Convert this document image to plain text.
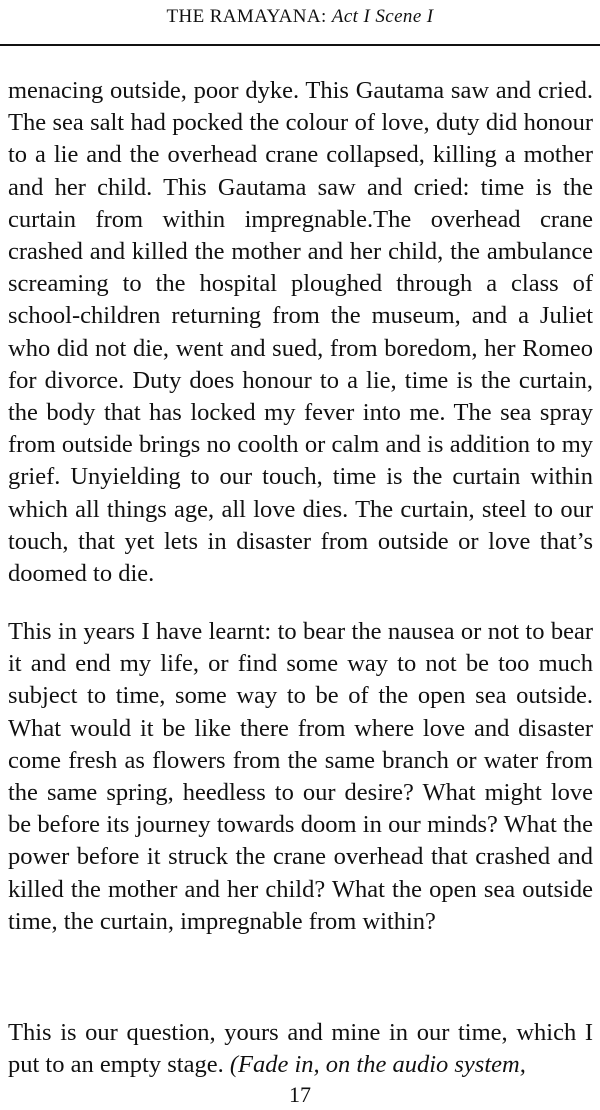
THE RAMAYANA: Act I Scene I

menacing outside, poor dyke. This Gautama saw and cried. The sea salt had pocked the colour of love, duty did honour to a lie and the overhead crane collapsed, killing a mother and her child. This Gautama saw and cried: time is the curtain from within impregnable.The overhead crane crashed and killed the mother and her child, the ambulance screaming to the hospital ploughed through a class of school-children returning from the museum, and a Juliet who did not die, went and sued, from boredom, her Romeo for divorce. Duty does honour to a lie, time is the curtain, the body that has locked my fever into me. The sea spray from outside brings no coolth or calm and is addition to my grief. Unyielding to our touch, time is the curtain within which all things age, all love dies. The curtain, steel to our touch, that yet lets in disaster from outside or love that’s doomed to die.

This in years I have learnt: to bear the nausea or not to bear it and end my life, or find some way to not be too much subject to time, some way to be of the open sea outside. What would it be like there from where love and disaster come fresh as flowers from the same branch or water from the same spring, heedless to our desire? What might love be before its journey towards doom in our minds? What the power before it struck the crane overhead that crashed and killed the mother and her child? What the open sea outside time, the curtain, impregnable from within?

This is our question, yours and mine in our time, which I put to an empty stage. (Fade in, on the audio system,

17
